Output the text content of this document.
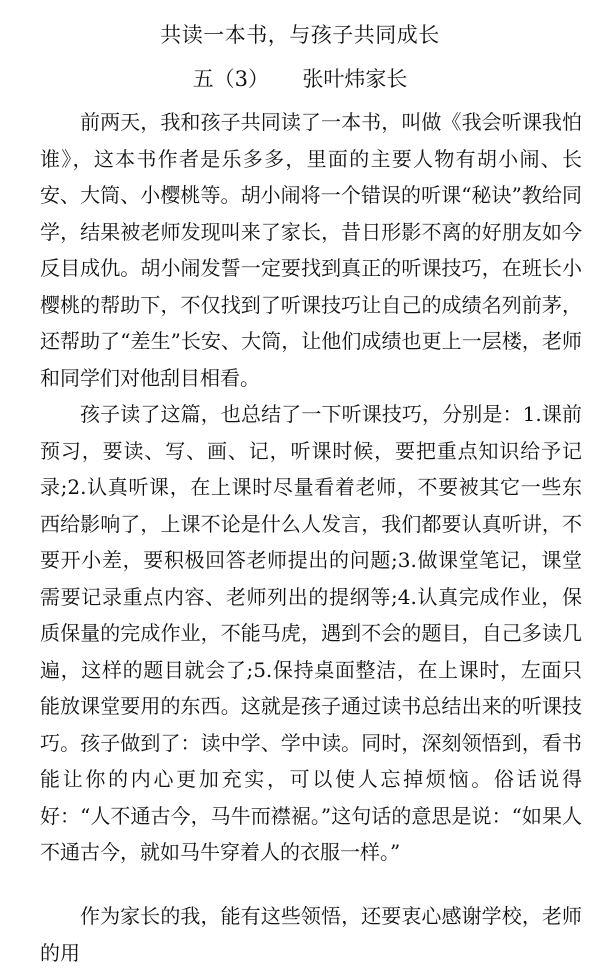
共读一本书，与孩子共同成长
五（3）     张叶炜家长

前两天，我和孩子共同读了一本书，叫做《我会听课我怕谁》，这本书作者是乐多多，里面的主要人物有胡小闹、长安、大筒、小樱桃等。胡小闹将一个错误的听课“秘诀”教给同学，结果被老师发现叫来了家长，昔日形影不离的好朋友如今反目成仇。胡小闹发誓一定要找到真正的听课技巧，在班长小樱桃的帮助下，不仅找到了听课技巧让自己的成绩名列前茅，还帮助了“差生”长安、大筒，让他们成绩也更上一层楼，老师和同学们对他刮目相看。

孩子读了这篇，也总结了一下听课技巧，分别是：1.课前预习，要读、写、画、记，听课时候，要把重点知识给予记录;2.认真听课，在上课时尽量看着老师，不要被其它一些东西给影响了，上课不论是什么人发言，我们都要认真听讲，不要开小差，要积极回答老师提出的问题;3.做课堂笔记，课堂需要记录重点内容、老师列出的提纲等;4.认真完成作业，保质保量的完成作业，不能马虎，遇到不会的题目，自己多读几遍，这样的题目就会了;5.保持桌面整洁，在上课时，左面只能放课堂要用的东西。这就是孩子通过读书总结出来的听课技巧。孩子做到了：读中学、学中读。同时，深刻领悟到，看书能让你的内心更加充实，可以使人忘掉烦恼。俗话说得好：“人不通古今，马牛而襟裾。”这句话的意思是说：“如果人不通古今，就如马牛穿着人的衣服一样。”

作为家长的我，能有这些领悟，还要衷心感谢学校，老师的用
